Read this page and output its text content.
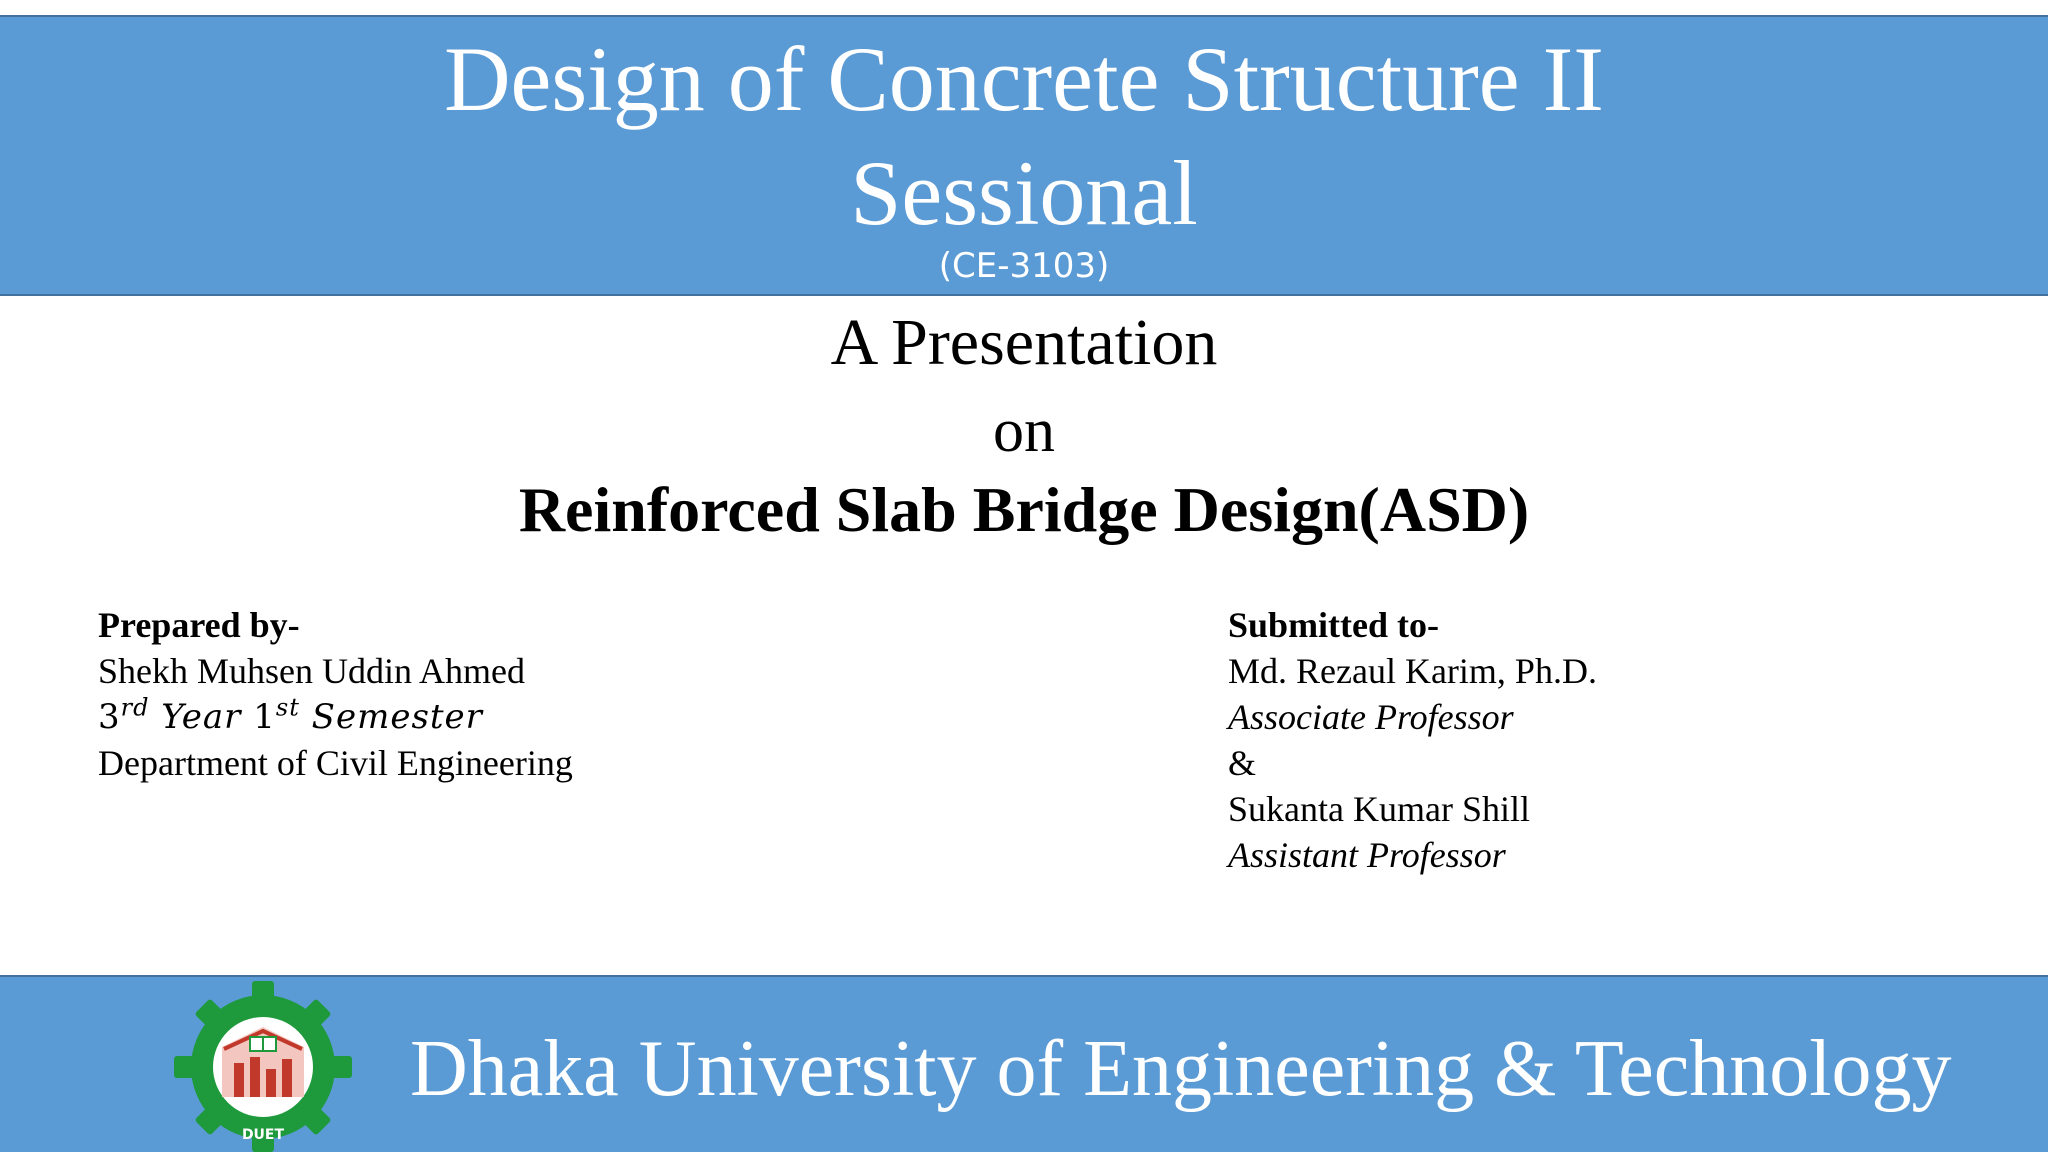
Design of Concrete Structure II
Sessional
(CE-3103)
A Presentation
on
Reinforced Slab Bridge Design(ASD)
Prepared by-
Shekh Muhsen Uddin Ahmed
3rd Year 1st Semester
Department of Civil Engineering
Submitted to-
Md. Rezaul Karim, Ph.D.
Associate Professor
&
Sukanta Kumar Shill
Assistant Professor
DUET
Dhaka University of Engineering & Technology
